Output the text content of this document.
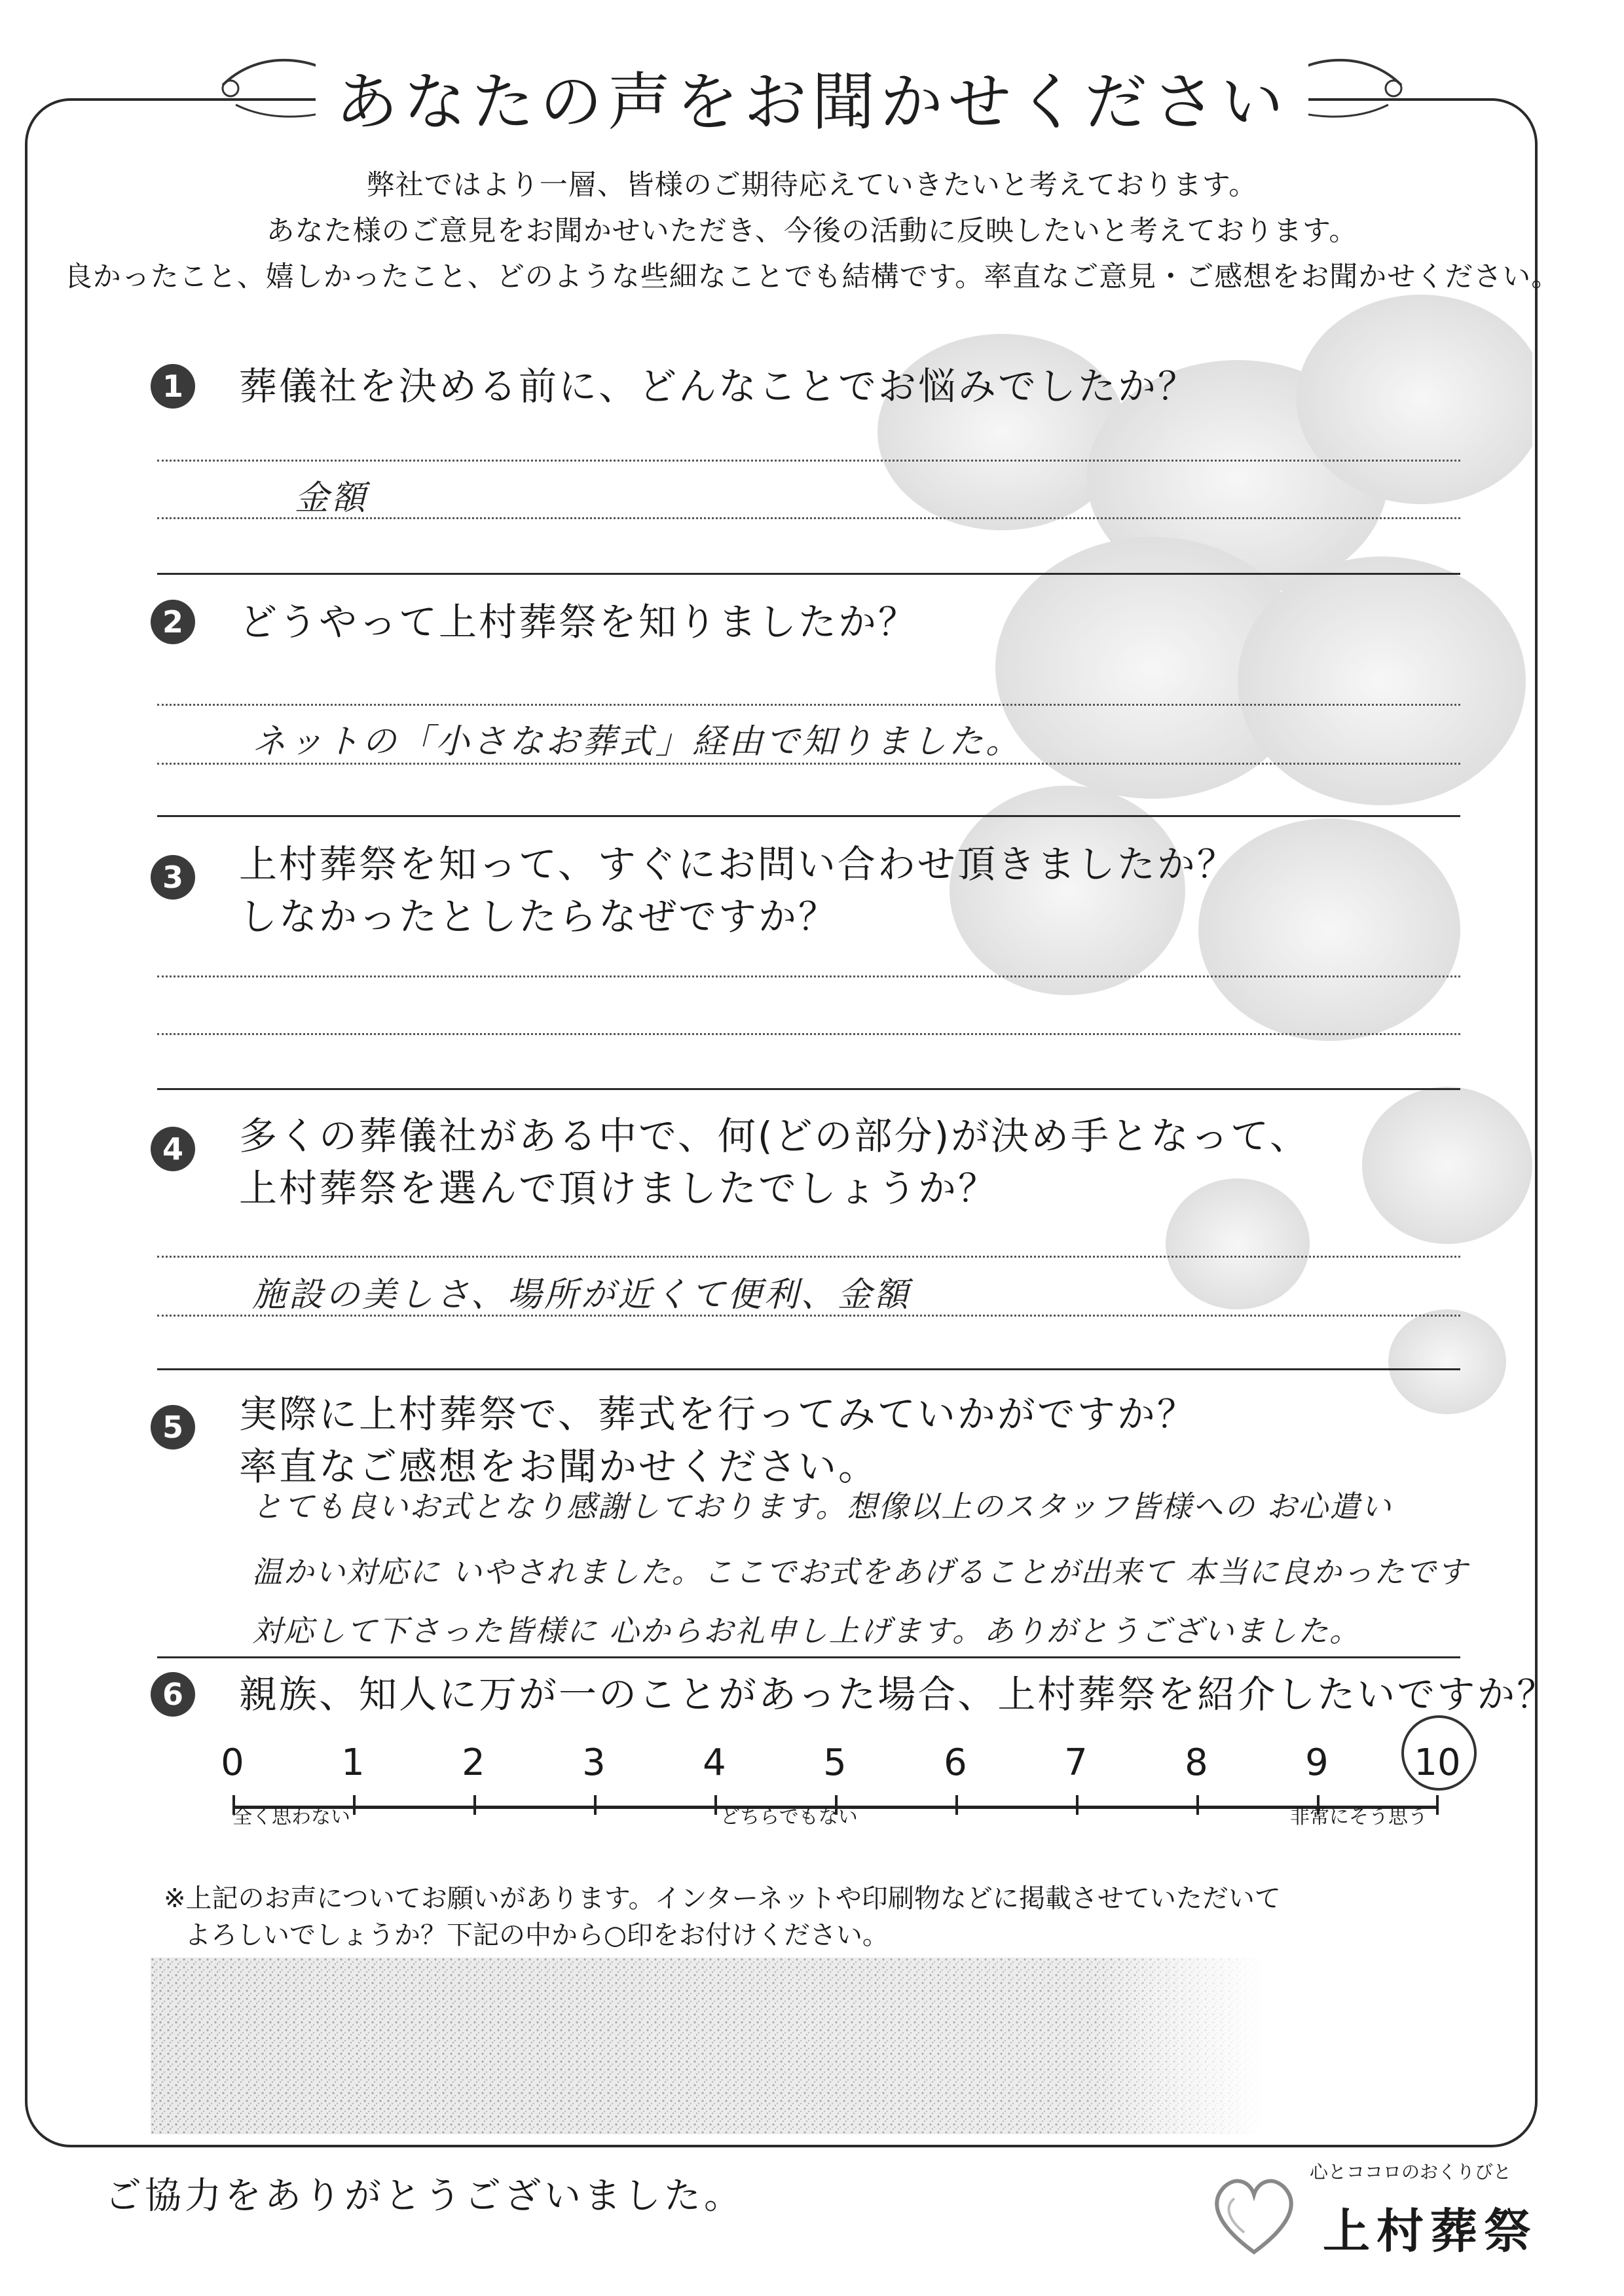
あなたの声をお聞かせください
弊社ではより一層、皆様のご期待応えていきたいと考えております。
あなた様のご意見をお聞かせいただき、今後の活動に反映したいと考えております。
良かったこと、嬉しかったこと、どのような些細なことでも結構です。率直なご意見・ご感想をお聞かせください。
1	葬儀社を決める前に、どんなことでお悩みでしたか？
金額
2	どうやって上村葬祭を知りましたか？
ネットの「小さなお葬式」経由で知りました。
3	上村葬祭を知って、すぐにお問い合わせ頂きましたか？
しなかったとしたらなぜですか？
4	多くの葬儀社がある中で、何(どの部分)が決め手となって、
上村葬祭を選んで頂けましたでしょうか？
施設の美しさ、場所が近くて便利、金額
5	実際に上村葬祭で、葬式を行ってみていかがですか？
率直なご感想をお聞かせください。
とても良いお式となり感謝しております。想像以上のスタッフ皆様への お心遣い
温かい対応に いやされました。ここでお式をあげることが出来て 本当に良かったです
対応して下さった皆様に 心からお礼申し上げます。ありがとうございました。
6	親族、知人に万が一のことがあった場合、上村葬祭を紹介したいですか？
0	1	2	3	4	5	6	7	8	9	10
全く思わない	どちらでもない	非常にそう思う
※上記のお声についてお願いがあります。インターネットや印刷物などに掲載させていただいて
よろしいでしょうか？下記の中から○印をお付けください。
ご協力をありがとうございました。
心とココロのおくりびと
上村葬祭
